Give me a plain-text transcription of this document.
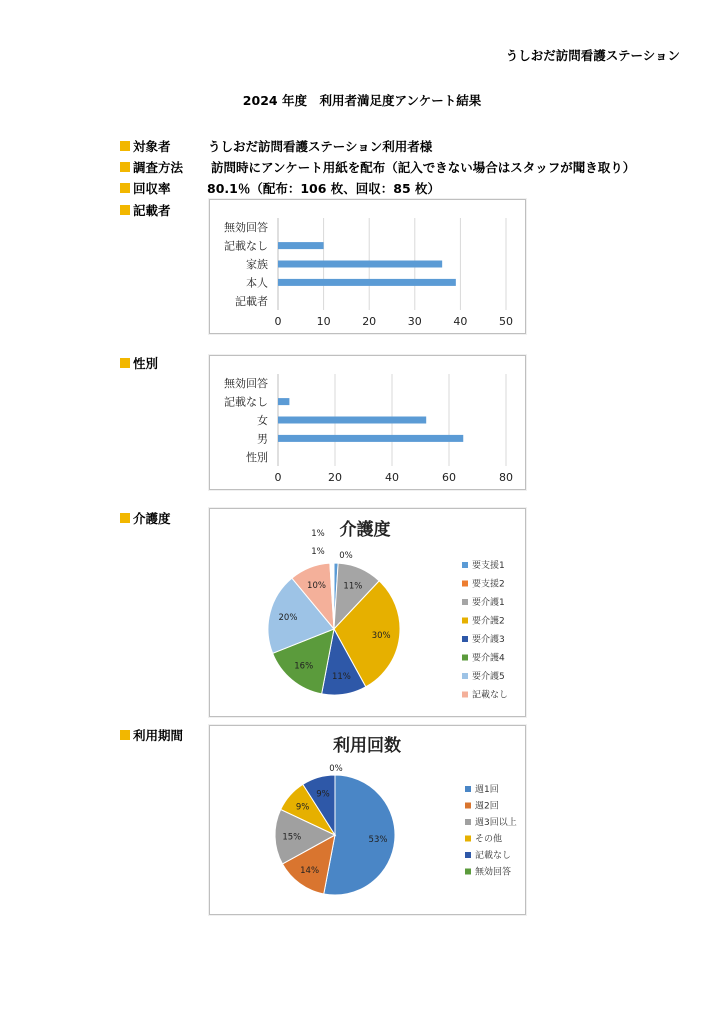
うしおだ訪問看護ステーション
2024 年度　利用者満足度アンケート結果
対象者	うしおだ訪問看護ステーション利用者様
調査方法	訪問時にアンケート用紙を配布（記入できない場合はスタッフが聞き取り）
回収率	80.1％（配布：106 枚、回収：85 枚）
記載者
性別
介護度
利用期間
0	10	20	30	40	50
無効回答
記載なし
家族
本人
記載者
0	20	40	60	80
無効回答
記載なし
女
男
性別
介護度
1%
0%
11%
30%
11%
16%
20%
10%
1%
要支援1
要支援2
要介護1
要介護2
要介護3
要介護4
要介護5
記載なし
利用回数
53%
14%
15%
9%
9%
0%
週1回
週2回
週3回以上
その他
記載なし
無効回答
